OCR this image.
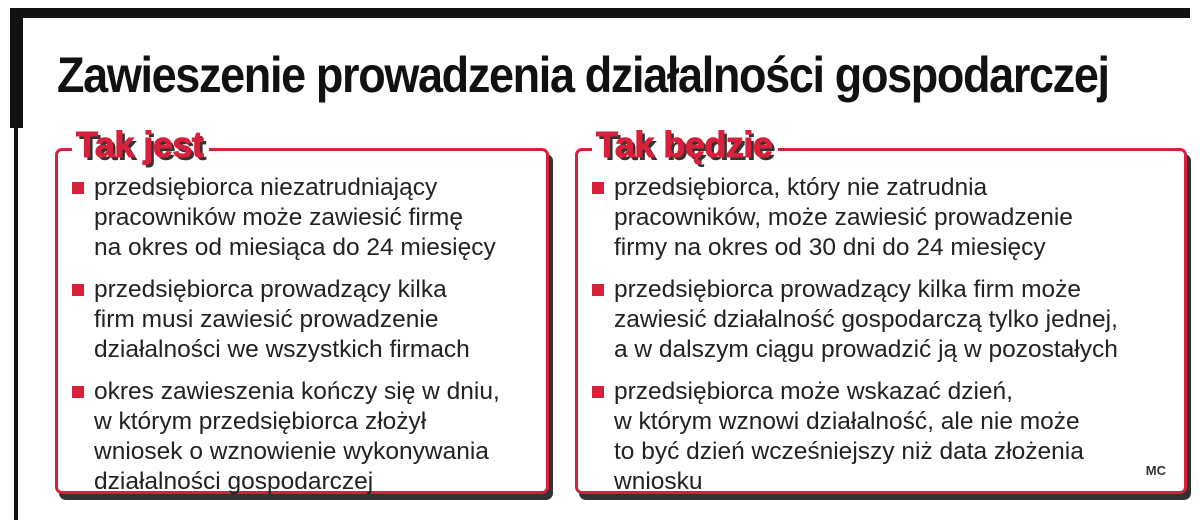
Zawieszenie prowadzenia działalności gospodarczej
Tak jest
przedsiębiorca niezatrudniający
pracowników może zawiesić firmę
na okres od miesiąca do 24 miesięcy
przedsiębiorca prowadzący kilka
firm musi zawiesić prowadzenie
działalności we wszystkich firmach
okres zawieszenia kończy się w dniu,
w którym przedsiębiorca złożył
wniosek o wznowienie wykonywania
działalności gospodarczej
Tak będzie
przedsiębiorca, który nie zatrudnia
pracowników, może zawiesić prowadzenie
firmy na okres od 30 dni do 24 miesięcy
przedsiębiorca prowadzący kilka firm może
zawiesić działalność gospodarczą tylko jednej,
a w dalszym ciągu prowadzić ją w pozostałych
przedsiębiorca może wskazać dzień,
w którym wznowi działalność, ale nie może
to być dzień wcześniejszy niż data złożenia
wniosku	MC
